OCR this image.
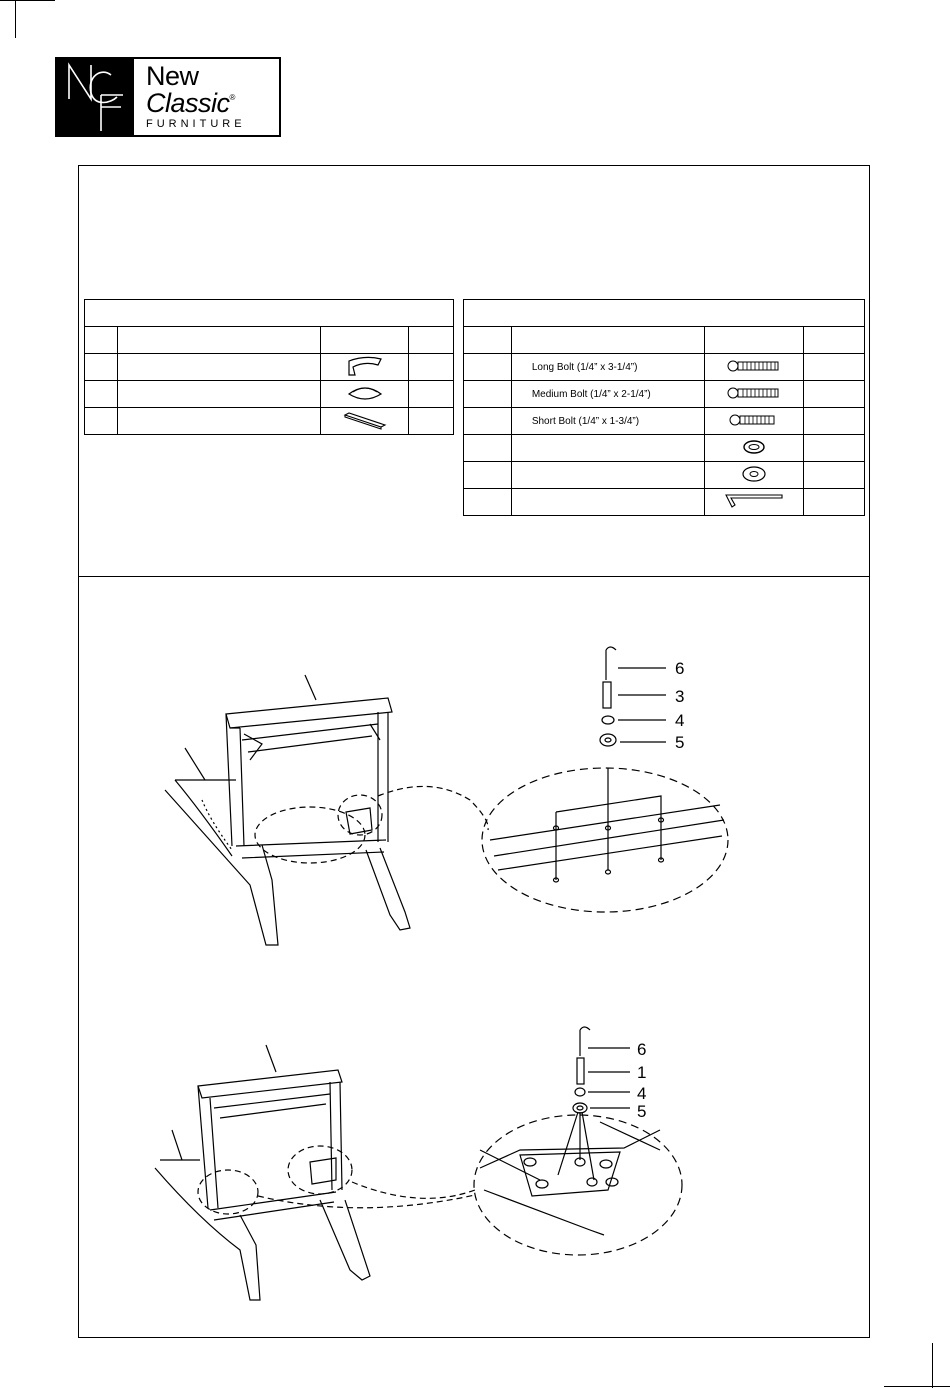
New
Classic®
FURNITURE

	Long Bolt (1/4” x 3-1/4”)		
	Medium Bolt (1/4” x 2-1/4”)		
	Short Bolt (1/4” x 1-3/4”)		

6
3
4
5
6
1
4
5
